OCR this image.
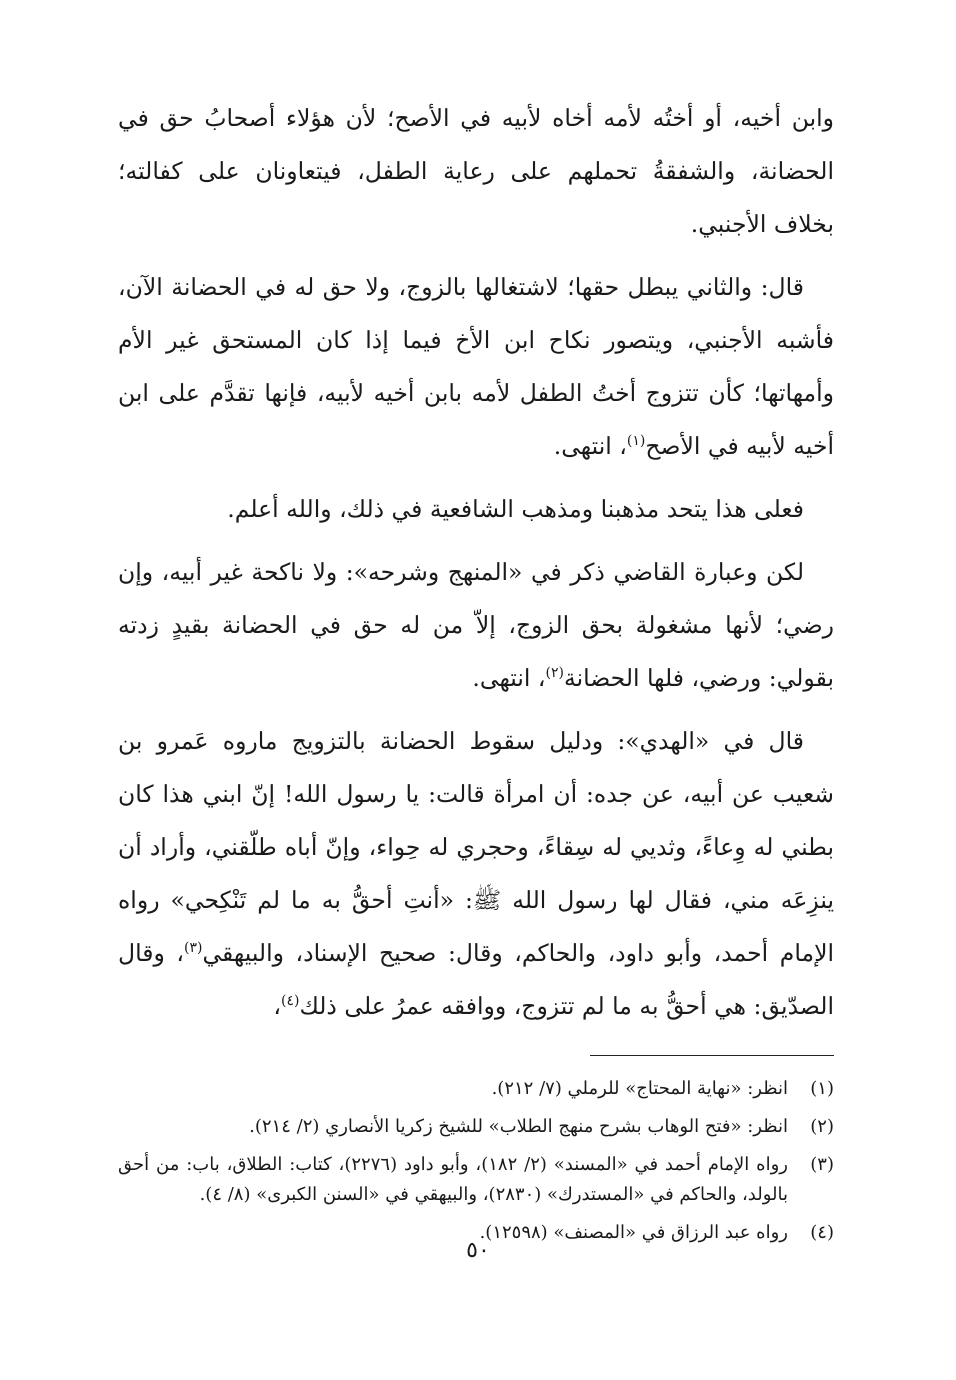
وابن أخيه، أو أختُه لأمه أخاه لأبيه في الأصح؛ لأن هؤلاء أصحابُ حق في الحضانة، والشفقةُ تحملهم على رعاية الطفل، فيتعاونان على كفالته؛ بخلاف الأجنبي.

قال: والثاني يبطل حقها؛ لاشتغالها بالزوج، ولا حق له في الحضانة الآن، فأشبه الأجنبي، ويتصور نكاح ابن الأخ فيما إذا كان المستحق غير الأم وأمهاتها؛ كأن تتزوج أختُ الطفل لأمه بابن أخيه لأبيه، فإنها تقدَّم على ابن أخيه لأبيه في الأصح$^{(١)}$، انتهى.

فعلى هذا يتحد مذهبنا ومذهب الشافعية في ذلك، والله أعلم.

لكن وعبارة القاضي ذكر في «المنهج وشرحه»: ولا ناكحة غير أبيه، وإن رضي؛ لأنها مشغولة بحق الزوج، إلاّ من له حق في الحضانة بقيدٍ زدته بقولي: ورضي، فلها الحضانة$^{(٢)}$، انتهى.

قال في «الهدي»: ودليل سقوط الحضانة بالتزويج ماروه عَمرو بن شعيب عن أبيه، عن جده: أن امرأة قالت: يا رسول الله! إنّ ابني هذا كان بطني له وِعاءً، وثديي له سِقاءً، وحجري له حِواء، وإنّ أباه طلّقني، وأراد أن ينزِعَه مني، فقال لها رسول الله ﷺ: «أنتِ أحقُّ به ما لم تَنْكِحي» رواه الإمام أحمد، وأبو داود، والحاكم، وقال: صحيح الإسناد، والبيهقي$^{(٣)}$، وقال الصدّيق: هي أحقُّ به ما لم تتزوج، ووافقه عمرُ على ذلك$^{(٤)}$،

(١)
انظر: «نهاية المحتاج» للرملي (٧/ ٢١٢).
(٢)
انظر: «فتح الوهاب بشرح منهج الطلاب» للشيخ زكريا الأنصاري (٢/ ٢١٤).
(٣)
رواه الإمام أحمد في «المسند» (٢/ ١٨٢)، وأبو داود (٢٢٧٦)، كتاب: الطلاق، باب: من أحق بالولد، والحاكم في «المستدرك» (٢٨٣٠)، والبيهقي في «السنن الكبرى» (٨/ ٤).
(٤)
رواه عبد الرزاق في «المصنف» (١٢٥٩٨).
٥٠
